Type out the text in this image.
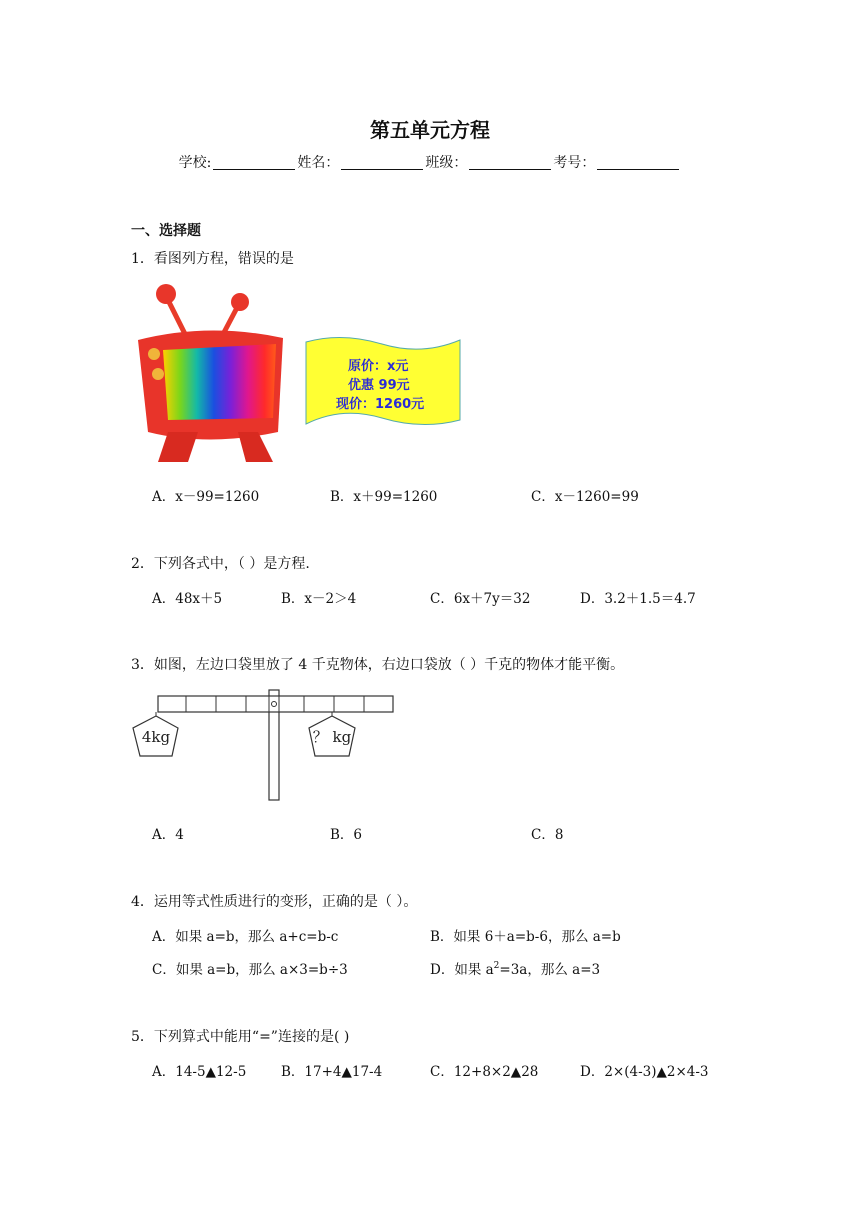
第五单元方程
学校:	姓名：	班级：	考号：
一、选择题
1．看图列方程，错误的是
原价：x元
优惠 99元
现价：1260元
A．x－99=1260	B．x＋99=1260	C．x－1260=99
2．下列各式中，（ ）是方程.
A．48x＋5	B．x－2＞4	C．6x＋7y＝32	D．3.2＋1.5＝4.7
3．如图，左边口袋里放了 4 千克物体，右边口袋放（ ）千克的物体才能平衡。
4kg	？ kg
A．4	B．6	C．8
4．运用等式性质进行的变形，正确的是（ ）。
A．如果 a=b，那么 a+c=b-c	B．如果 6＋a=b-6，那么 a=b
C．如果 a=b，那么 a×3=b÷3	D．如果 $a^2=3a$，那么 a=3
5．下列算式中能用“=”连接的是( )
A．14-5▲12-5	B．17+4▲17-4	C．12+8×2▲28	D．2×(4-3)▲2×4-3
